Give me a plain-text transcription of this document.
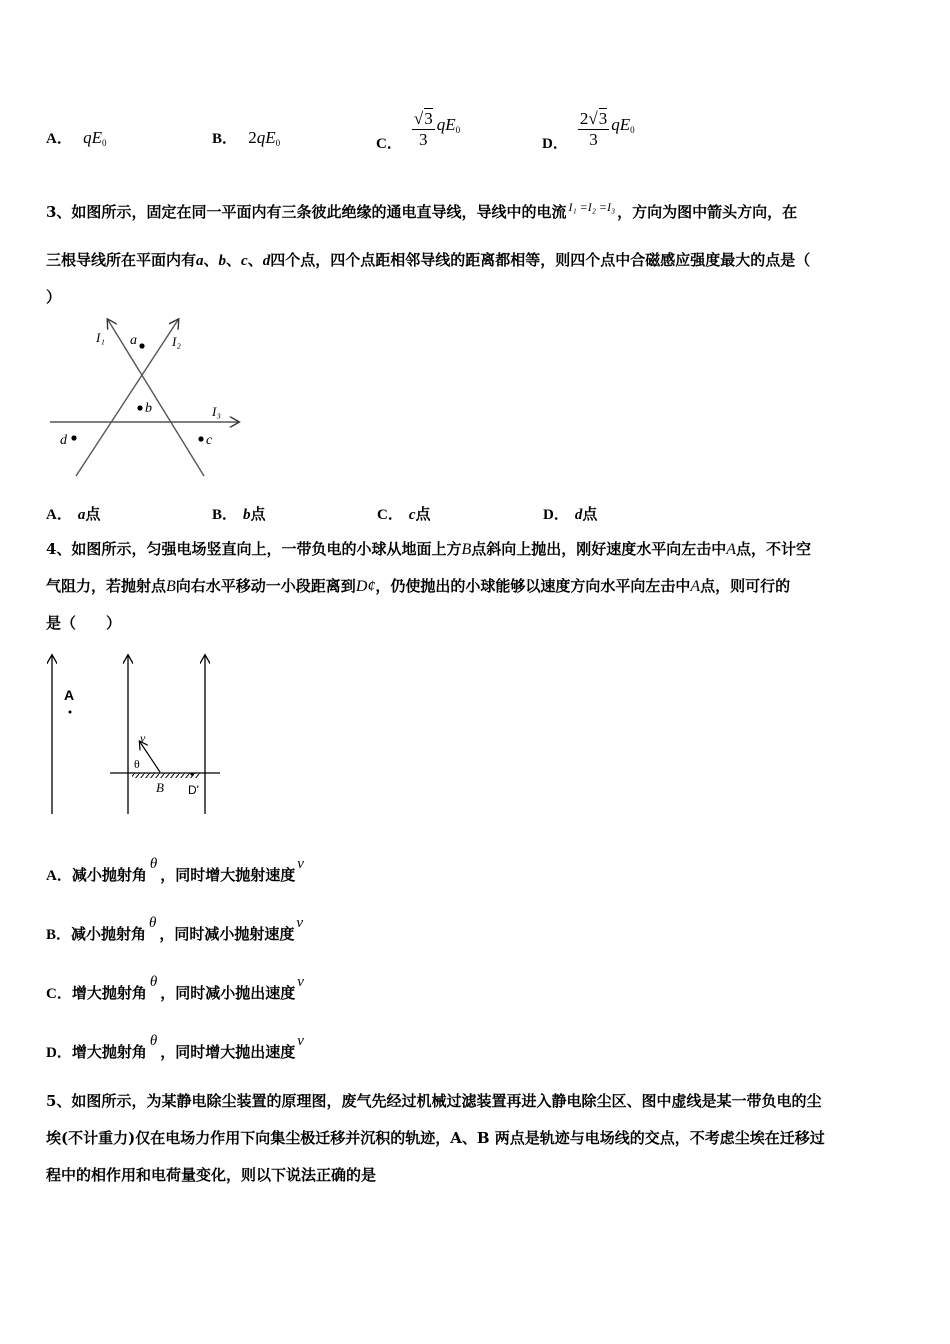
A． $qE_0$	B． $2qE_0$	C． $\frac{√3}{3} qE_0$
D． $\frac{2√3}{3} qE_0$
3、如图所示，固定在同一平面内有三条彼此绝缘的通电直导线，导线中的电流 $^{I_1 =I_2 =I_3}$ ，方向为图中箭头方向，在
三根导线所在平面内有a、b、c、d四个点，四个点距相邻导线的距离都相等，则四个点中合磁感应强度最大的点是（
）
I₁	I₂
I₃
a
b
d	c
A． a点	B． b点	C． c点	D． d点
4、如图所示，匀强电场竖直向上，一带负电的小球从地面上方B点斜向上抛出，刚好速度水平向左击中A点，不计空
气阻力，若抛射点B向右水平移动一小段距离到D¢，仍使抛出的小球能够以速度方向水平向左击中A点，则可行的
是（　　）
A
v
θ
B D'
A．减小抛射角θ，同时增大抛射速度v
B．减小抛射角θ，同时减小抛射速度v
C．增大抛射角θ，同时减小抛出速度v
D．增大抛射角θ，同时增大抛出速度v
5、如图所示，为某静电除尘装置的原理图，废气先经过机械过滤装置再进入静电除尘区、图中虚线是某一带负电的尘
埃(不计重力)仅在电场力作用下向集尘极迁移并沉积的轨迹，A、B 两点是轨迹与电场线的交点，不考虑尘埃在迁移过
程中的相作用和电荷量变化，则以下说法正确的是
